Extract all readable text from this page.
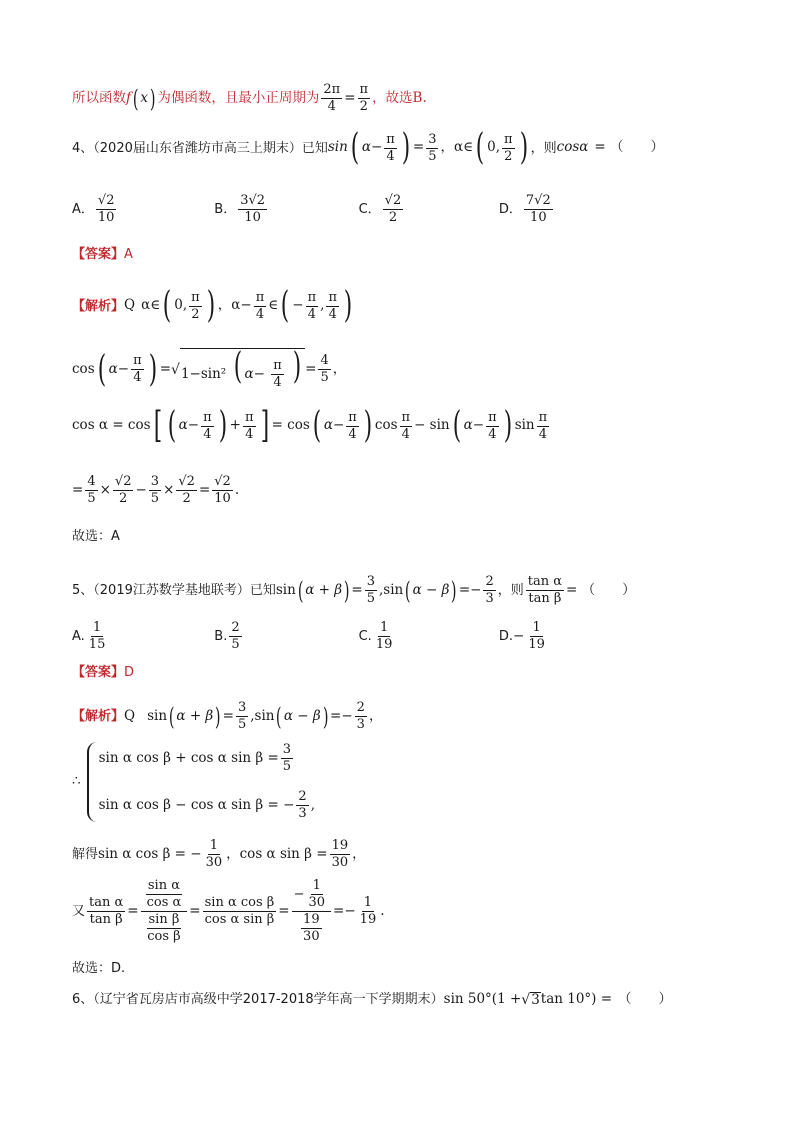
所以函数 f ( x ) 为偶函数，且最小正周期为 $\frac{2\pi}{4} = \frac{\pi}{2}$ ，故选B.
4、（2020届山东省潍坊市高三上期末）已知 sin ( $\alpha - \frac{\pi}{4}$ ) = $\frac{3}{5}$ ，α∈ ( 0, $\frac{\pi}{2}$ ) ，则 cos α = （　　）
A． $\frac{√2}{10}$
	B． $\frac{3√2}{10}$
	C． $\frac{√2}{2}$
	D． $\frac{7√2}{10}$
【答案】A
【解析】 Q α∈ ( 0, $\frac{\pi}{2}$ ) ，$\alpha- \frac{\pi}{4}$ ∈ ( − $\frac{\pi}{4}$ , $\frac{\pi}{4}$ )
cos ( $\alpha - \frac{\pi}{4}$ ) = √ 1−sin² ( $\alpha- \frac{\pi}{4}$ ) = $\frac{4}{5}$ ，
cos α = cos [ ( $\alpha - \frac{\pi}{4}$ ) + $\frac{\pi}{4}$ ] = cos ( $\alpha - \frac{\pi}{4}$ ) $\cos \frac{\pi}{4} - \sin$ ( $\alpha - \frac{\pi}{4}$ ) $\sin \frac{\pi}{4}$
= $\frac{4}{5} \times \frac{√2}{2} - \frac{3}{5} \times \frac{√2}{2} = \frac{√2}{10}$ .
故选：A
5、（2019江苏数学基地联考）已知 sin ( α + β ) = $\frac{3}{5}$ , sin ( α − β ) = − $\frac{2}{3}$ ，则 $\frac{\text{tan α}}{\text{tan β}}$ = （　　）
A. $\frac{1}{15}$
	B. $\frac{2}{5}$
	C. $\frac{1}{19}$
	D. − $\frac{1}{19}$
【答案】D
【解析】 Q sin ( α + β ) = $\frac{3}{5}$ , sin ( α − β ) = − $\frac{2}{3}$ ，
∴
sin α cos β + cos α $\sin \beta = \frac{3}{5}$
sin α cos β − cos α sin β = − $\frac{2}{3}$ ,
解得 sin α cos β = − $\frac{1}{30}$ ， cos α $\sin \beta = \frac{19}{30}$ ，
又 $\frac{\text{tan α}}{\text{tan β}} = \frac{\frac{\text{sin α}}{\text{cos α}}}{\frac{\text{sin β}}{\text{cos β}}} = \frac{\text{sin α cos β}}{\text{cos α sin β}} = \frac{- \frac{1}{30}}{\frac{19}{30}}$ = − $\frac{1}{19}$ .
故选：D.
6、（辽宁省瓦房店市高级中学2017-2018学年高一下学期期末） sin 50°(1 + √ 3 tan 10°) = （　　）
